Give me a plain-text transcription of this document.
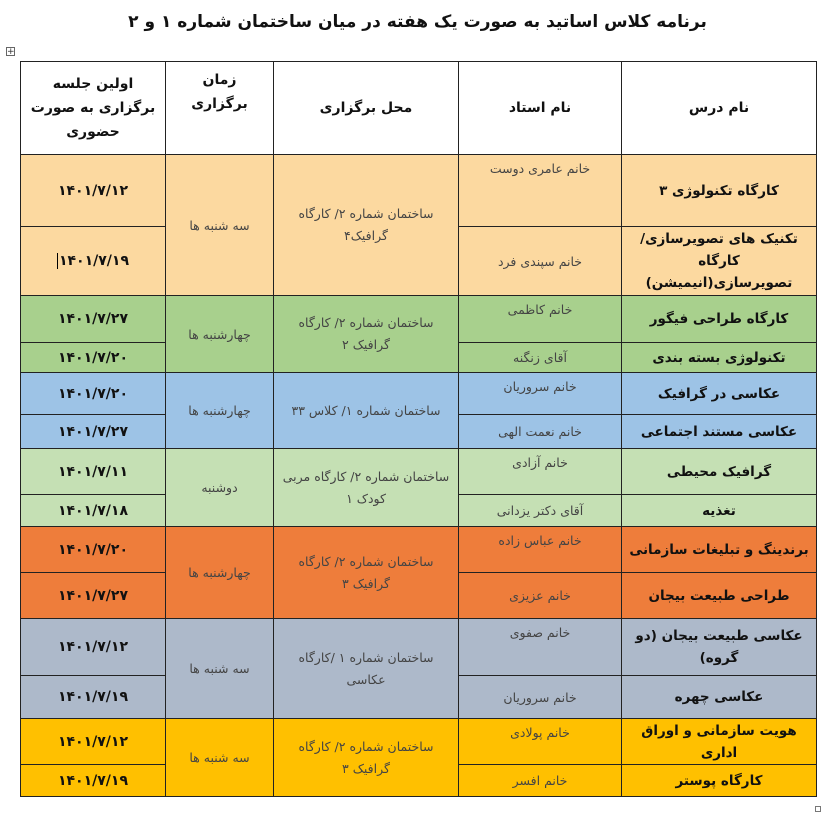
برنامه کلاس اساتید به صورت یک هفته در میان ساختمان شماره ۱ و ۲
+
نام درس	نام استاد	محل برگزاری	زمان برگزاری	اولین جلسه برگزاری به صورت حضوری
کارگاه تکنولوژی ۳	خانم عامری دوست	ساختمان شماره ۲/ کارگاه گرافیک۴	سه شنبه ها	۱۴۰۱/۷/۱۲
تکنیک های تصویرسازی/کارگاه تصویرسازی(انیمیشن)	خانم سپندی فرد			۱۴۰۱/۷/۱۹
کارگاه طراحی فیگور	خانم کاظمی	ساختمان شماره ۲/ کارگاه گرافیک ۲	چهارشنبه ها	۱۴۰۱/۷/۲۷
تکنولوژی بسته بندی	آقای زنگنه			۱۴۰۱/۷/۲۰
عکاسی در گرافیک	خانم سروریان	ساختمان شماره ۱/ کلاس ۳۳	چهارشنبه ها	۱۴۰۱/۷/۲۰
عکاسی مستند اجتماعی	خانم نعمت الهی			۱۴۰۱/۷/۲۷
گرافیک محیطی	خانم آزادی	ساختمان شماره ۲/ کارگاه مربی کودک ۱	دوشنبه	۱۴۰۱/۷/۱۱
تغذیه	آقای دکتر یزدانی			۱۴۰۱/۷/۱۸
برندینگ و تبلیغات سازمانی	خانم عباس زاده	ساختمان شماره ۲/ کارگاه گرافیک ۳	چهارشنبه ها	۱۴۰۱/۷/۲۰
طراحی طبیعت بیجان	خانم عزیزی			۱۴۰۱/۷/۲۷
عکاسی طبیعت بیجان (دو گروه)	خانم صفوی	ساختمان شماره ۱ /کارگاه عکاسی	سه شنبه ها	۱۴۰۱/۷/۱۲
عکاسی چهره	خانم سروریان			۱۴۰۱/۷/۱۹
هویت سازمانی و اوراق اداری	خانم پولادی	ساختمان شماره ۲/ کارگاه گرافیک ۳	سه شنبه ها	۱۴۰۱/۷/۱۲
کارگاه پوستر	خانم افسر			۱۴۰۱/۷/۱۹
